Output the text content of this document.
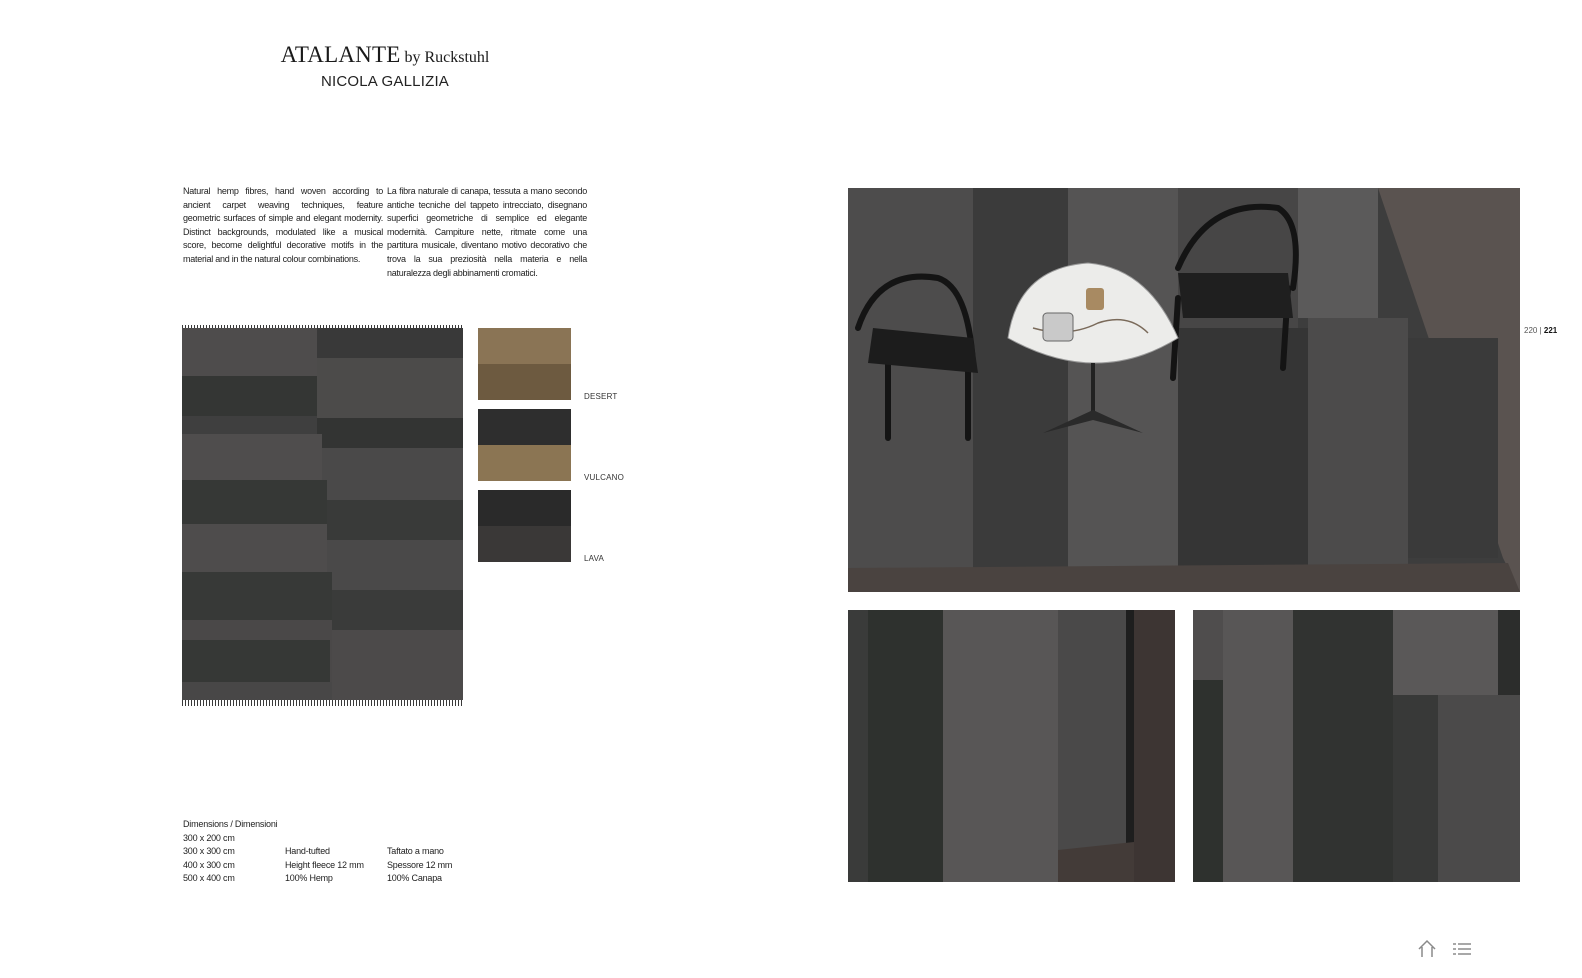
ATALANTE by Ruckstuhl
NICOLA GALLIZIA
Natural hemp fibres, hand woven according to ancient carpet weaving techniques, feature geometric surfaces of simple and elegant modernity. Distinct backgrounds, modulated like a musical score, become delightful decorative motifs in the material and in the natural colour combinations.
La fibra naturale di canapa, tessuta a mano secondo antiche tecniche del tappeto intrecciato, disegnano superfici geometriche di semplice ed elegante modernità. Campiture nette, ritmate come una partitura musicale, diventano motivo decorativo che trova la sua preziosità nella materia e nella naturalezza degli abbinamenti cromatici.
DESERT
VULCANO
LAVA
Dimensions / Dimensioni
300 x 200 cm
300 x 300 cm
400 x 300 cm
500 x 400 cm
Hand-tufted
Height fleece 12 mm
100% Hemp
Taftato a mano
Spessore 12 mm
100% Canapa
220 | 221
